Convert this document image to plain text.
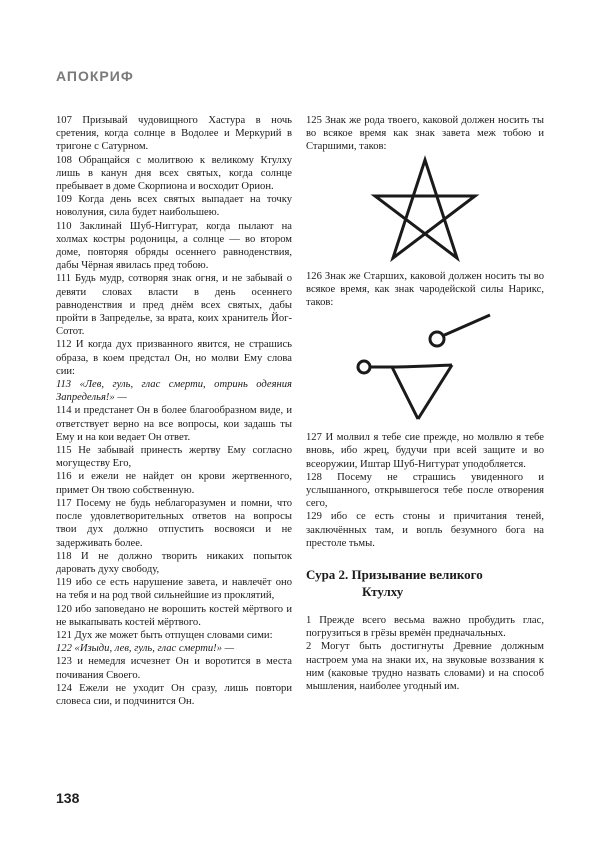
АПОКРИФ

107 Призывай чудовищного Хастура в ночь сретения, когда солнце в Водолее и Меркурий в тригоне с Сатурном.

108 Обращайся с молитвою к великому Ктулху лишь в канун дня всех святых, когда солнце пребывает в доме Скорпиона и восходит Орион.

109 Когда день всех святых выпадает на точку новолуния, сила будет наибольшею.

110 Заклинай Шуб-Ниггурат, когда пылают на холмах костры родоницы, а солнце — во втором доме, повторяя обряды осеннего равноденствия, дабы Чёрная явилась пред тобою.

111 Будь мудр, сотворяя знак огня, и не забывай о девяти словах власти в день осеннего равноденствия и пред днём всех святых, дабы пройти в Запределье, за врата, коих хранитель Йог-Сотот.

112 И когда дух призванного явится, не страшись образа, в коем предстал Он, но молви Ему слова сии:

113 «Лев, гуль, глас смерти, отринь одеяния Запределья!» —

114 и предстанет Он в более благообразном виде, и ответствует верно на все вопросы, кои задашь ты Ему и на кои ведает Он ответ.

115 Не забывай принесть жертву Ему согласно могуществу Его,

116 и ежели не найдет он крови жертвенного, примет Он твою собственную.

117 Посему не будь неблагоразумен и помни, что после удовлетворительных ответов на вопросы твои дух должно отпустить восвояси и не задерживать более.

118 И не должно творить никаких попыток даровать духу свободу,

119 ибо се есть нарушение завета, и навлечёт оно на тебя и на род твой сильнейшие из проклятий,

120 ибо заповедано не ворошить костей мёртвого и не выкапывать костей мёртвого.

121 Дух же может быть отпущен словами сими:

122 «Изыди, лев, гуль, глас смерти!» —

123 и немедля исчезнет Он и воротится в места почивания Своего.

124 Ежели не уходит Он сразу, лишь повтори словеса сии, и подчинится Он.

125 Знак же рода твоего, каковой должен носить ты во всякое время как знак завета меж тобою и Старшими, таков:

126 Знак же Старших, каковой должен носить ты во всякое время, как знак чародейской силы Нарикс, таков:

127 И молвил я тебе сие прежде, но молвлю я тебе вновь, ибо жрец, будучи при всей защите и во всеоружии, Иштар Шуб-Ниггурат уподобляется.

128 Посему не страшись увиденного и услышанного, открывшегося тебе после отворения сего,

129 ибо се есть стоны и причитания теней, заключённых там, и вопль безумного бога на престоле тьмы.

Сура 2. Призывание великого
Ктулху

1 Прежде всего весьма важно пробудить глас, погрузиться в грёзы времён предначальных.

2 Могут быть достигнуты Древние должным настроем ума на знаки их, на звуковые воззвания к ним (каковые трудно назвать словами) и на способ мышления, наиболее угодный им.

138
